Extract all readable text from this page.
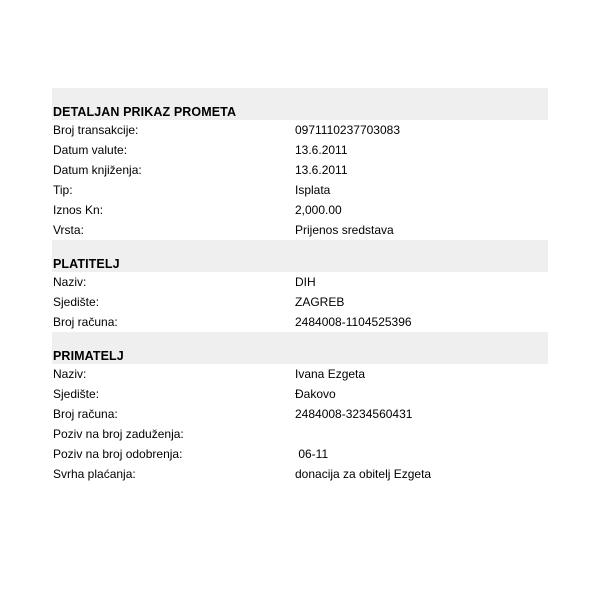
DETALJAN PRIKAZ PROMETA
Broj transakcije:	0971110237703083
Datum valute:	13.6.2011
Datum knjiženja:	13.6.2011
Tip:	Isplata
Iznos Kn:	2,000.00
Vrsta:	Prijenos sredstava
PLATITELJ
Naziv:	DIH
Sjedište:	ZAGREB
Broj računa:	2484008-1104525396
PRIMATELJ
Naziv:	Ivana Ezgeta
Sjedište:	Đakovo
Broj računa:	2484008-3234560431
Poziv na broj zaduženja:
Poziv na broj odobrenja:	06-11
Svrha plaćanja:	donacija za obitelj Ezgeta
